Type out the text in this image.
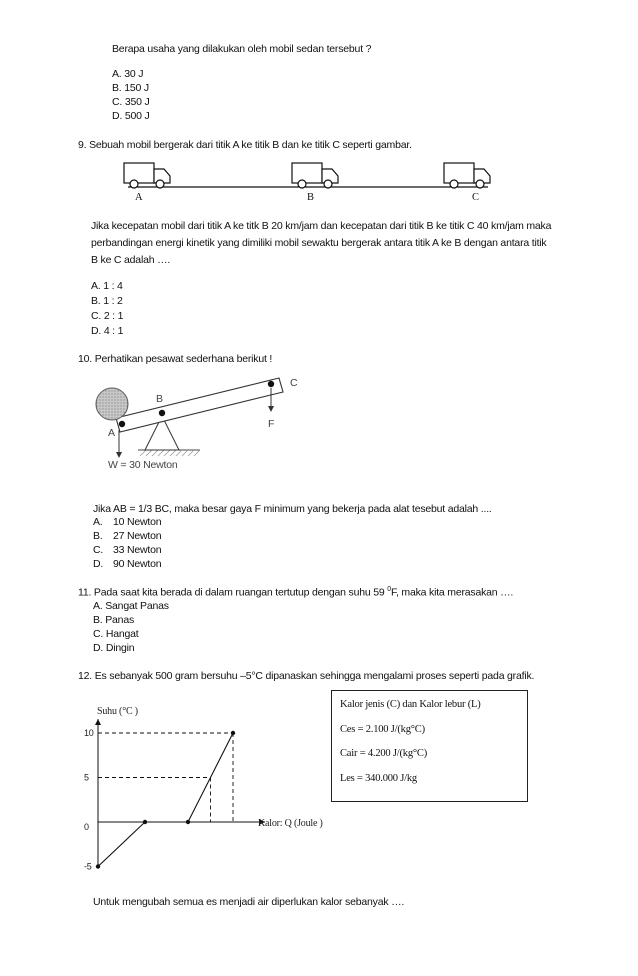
Berapa usaha yang dilakukan oleh mobil sedan tersebut ?
A. 30 J
B. 150 J
C. 350 J
D. 500 J
9. Sebuah mobil bergerak dari titik A ke titik B dan ke titik C seperti gambar.
A	B	C
Jika kecepatan mobil dari titik A ke titk B 20 km/jam dan kecepatan dari titik B ke titik C 40 km/jam maka
perbandingan energi kinetik yang dimiliki mobil sewaktu bergerak antara titik A ke B dengan antara titik
B ke C adalah ….
A. 1 : 4
B. 1 : 2
C. 2 : 1
D. 4 : 1
10. Perhatikan pesawat sederhana berikut !
A
B
C
F
W = 30 Newton
Jika AB = 1/3 BC, maka besar gaya F minimum yang bekerja pada alat tesebut adalah ....
A. 10 Newton
B. 27 Newton
C. 33 Newton
D. 90 Newton
11. Pada saat kita berada di dalam ruangan tertutup dengan suhu 59 $^0$F, maka kita merasakan ….
A. Sangat Panas
B. Panas
C. Hangat
D. Dingin
12. Es sebanyak 500 gram bersuhu –5°C dipanaskan sehingga mengalami proses seperti pada grafik.
Kalor jenis (C) dan Kalor lebur (L)
Ces = 2.100 J/(kg°C)
Cair = 4.200 J/(kg°C)
Les = 340.000 J/kg
10
5
0
-5
Suhu (°C )
Kalor: Q (Joule )
Untuk mengubah semua es menjadi air diperlukan kalor sebanyak ….
